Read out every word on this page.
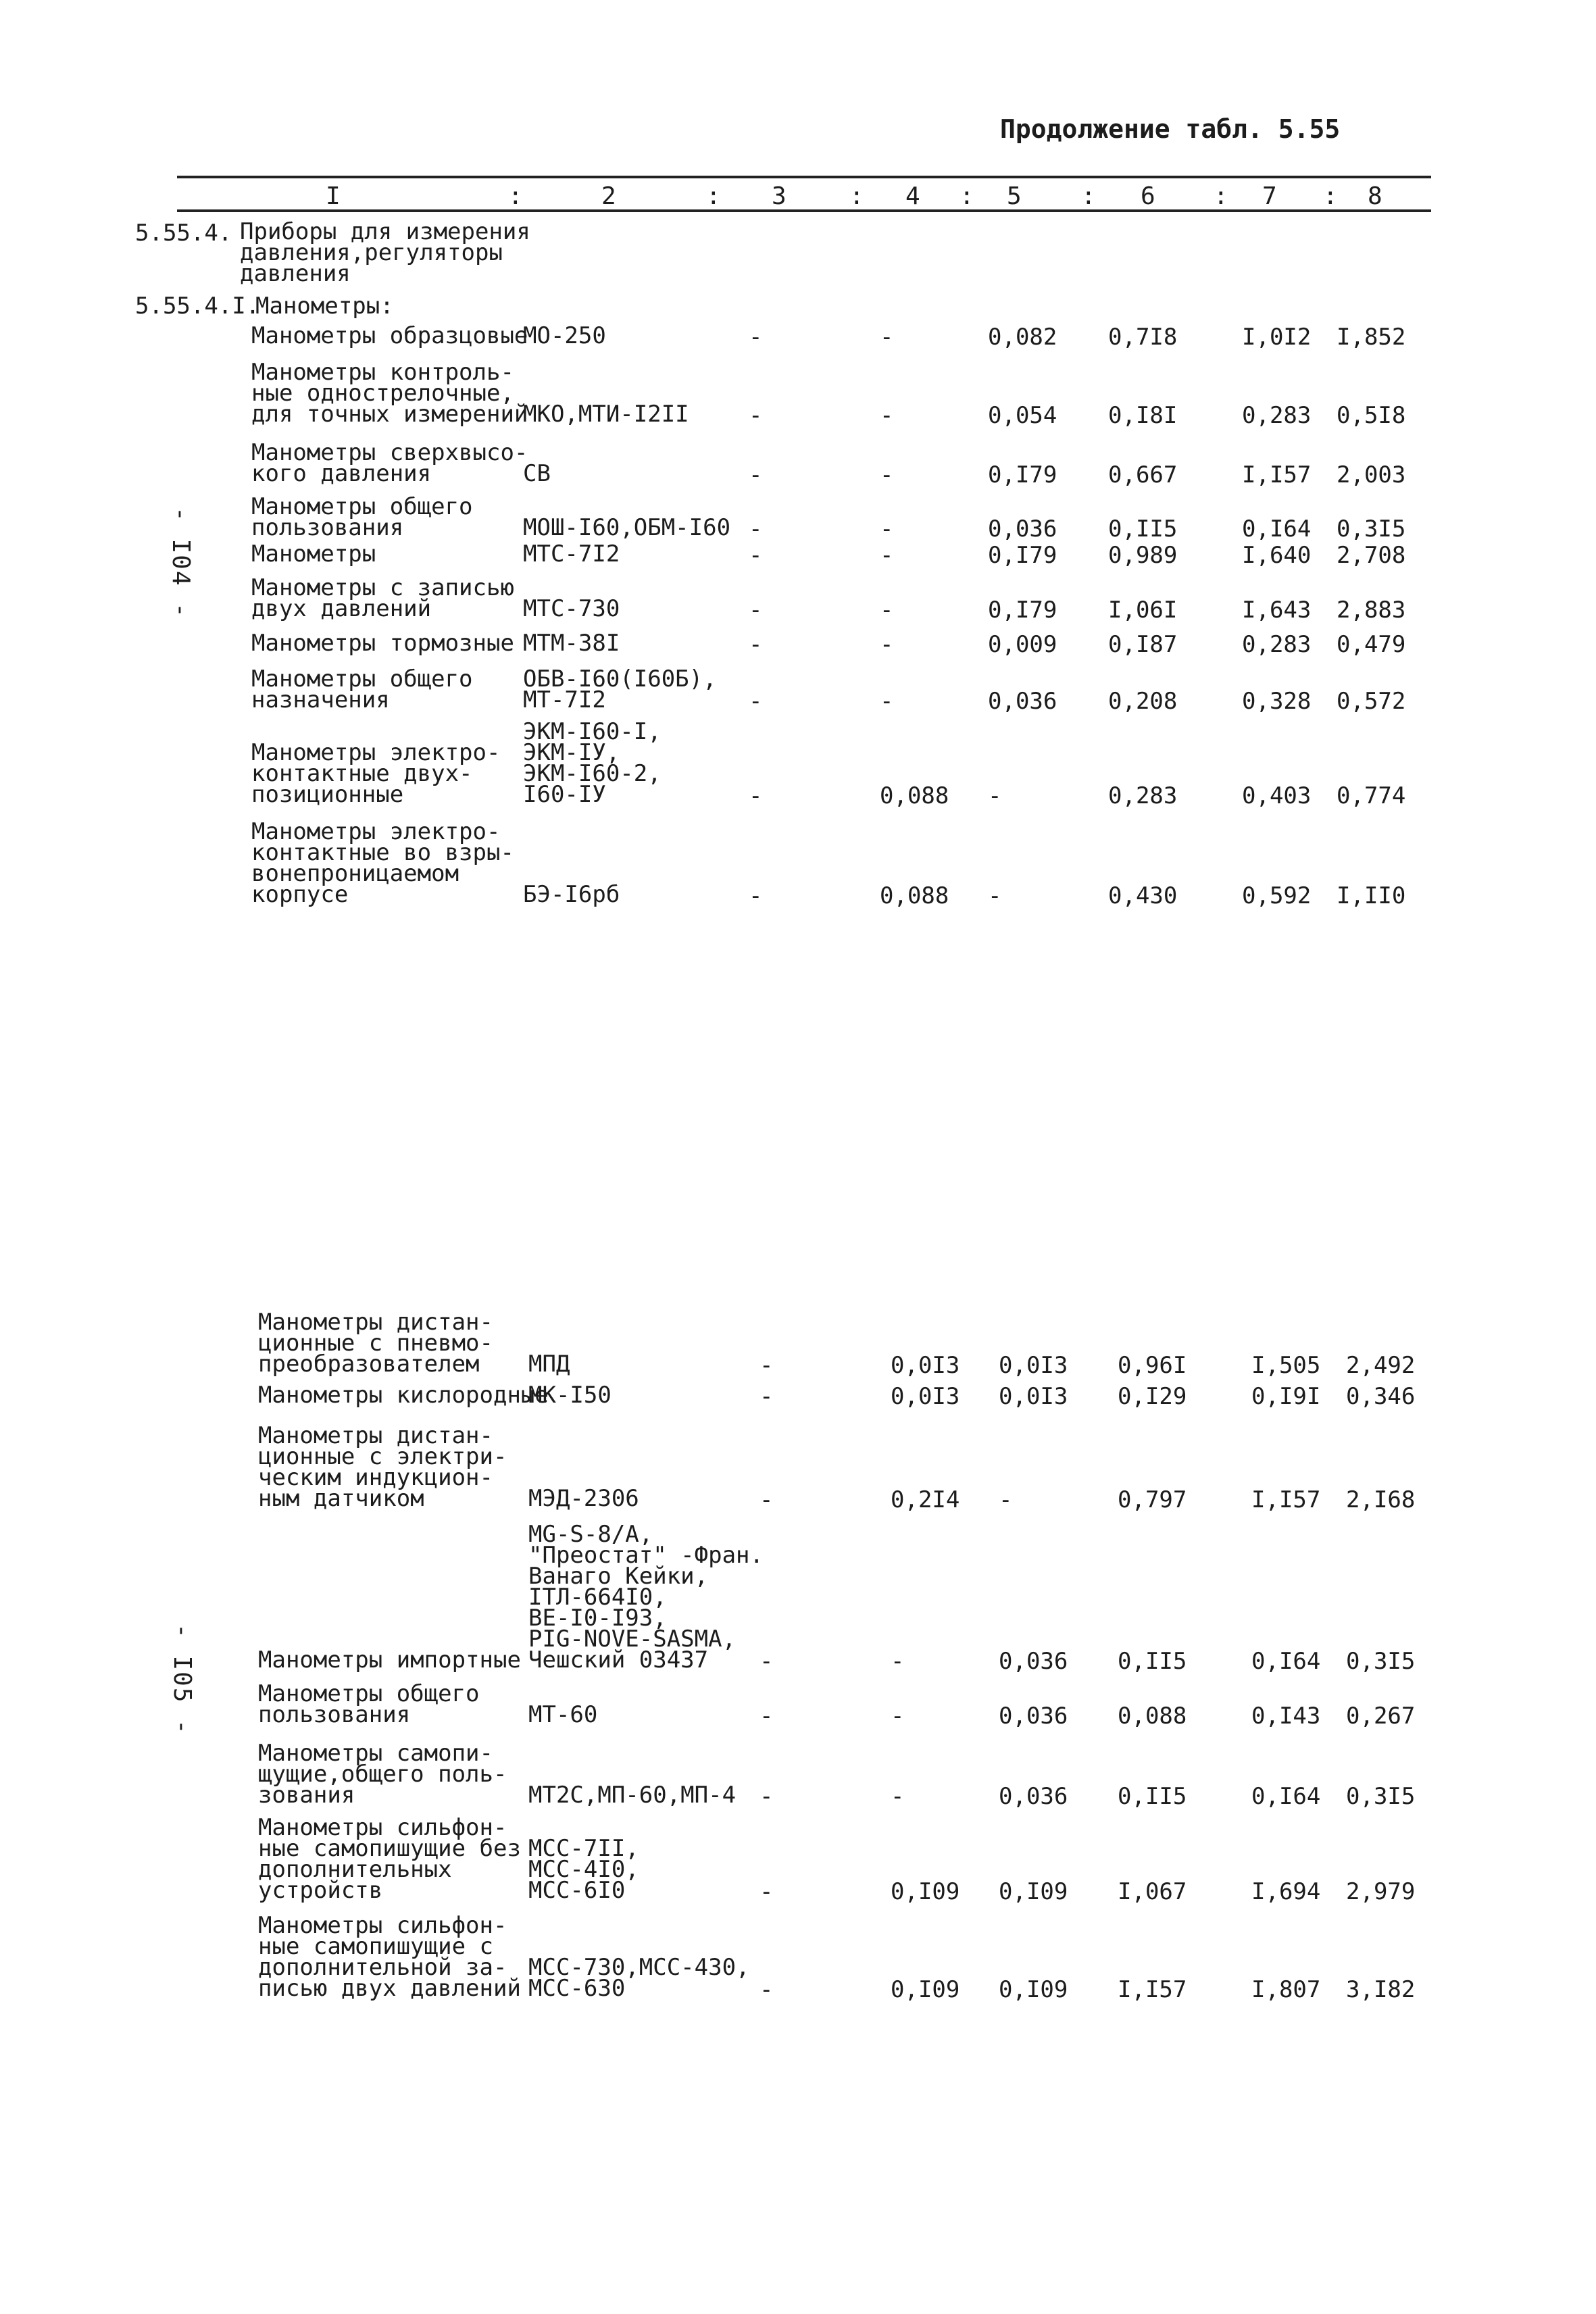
Продолжение табл. 5.55
I	2	3	4	5	6	7	8
:	:	:	:	:	:	:
5.55.4. Приборы для измерения
давления,регуляторы
давления
5.55.4.I.
Манометры:
Манометры образцовые
МО-250	-	-	0,082 0,7I8	I,0I2 I,852
Манометры контроль-
ные однострелочные,
для точных измерений
МКО,МТИ-I2II	-	-	0,054 0,I8I	0,283 0,5I8
Манометры сверхвысо-
кого давления	СВ	-	-	0,I79 0,667	I,I57 2,003
Манометры общего
пользования	МОШ-I60,ОБМ-I60 -	-	0,036 0,II5	0,I64 0,3I5
Манометры	МТС-7I2	-	-	0,I79 0,989	I,640 2,708
Манометры с записью
двух давлений	МТС-730	-	-	0,I79 I,06I	I,643 2,883
Манометры тормозные МТМ-38I	-	-	0,009 0,I87	0,283 0,479
Манометры общего
назначения
ОБВ-I60(I60Б),
МТ-7I2	-	-	0,036 0,208	0,328 0,572
Манометры электро-
контактные двух-
позиционные
ЭКМ-I60-I,
ЭКМ-IУ,
ЭКМ-I60-2,
I60-IУ	-	0,088 -	0,283	0,403 0,774
Манометры электро-
контактные во взры-
вонепроницаемом
корпусе	БЭ-I6рб	-	0,088 -	0,430	0,592 I,II0
Манометры дистан-
ционные с пневмо-
преобразователем	МПД	-	0,0I3 0,0I3 0,96I	I,505 2,492
Манометры кислородные
МК-I50	-	0,0I3 0,0I3 0,I29	0,I9I 0,346
Манометры дистан-
ционные с электри-
ческим индукцион-
ным датчиком	МЭД-2306	-	0,2I4 -	0,797	I,I57 2,I68
Манометры импортные
МG-S-8/А,
"Преостат" -Фран.
Ванаго Кейки,
ITЛ-664I0,
ВЕ-I0-I93,
PIG-NOVE-SASMA,
Чешский 03437	-	-	0,036 0,II5	0,I64 0,3I5
Манометры общего
пользования	МТ-60	-	-	0,036 0,088	0,I43 0,267
Манометры самопи-
щущие,общего поль-
зования	МТ2С,МП-60,МП-4 -	-	0,036 0,II5	0,I64 0,3I5
Манометры сильфон-
ные самопишущие без
дополнительных
устройств
МСС-7II,
МСС-4I0,
МСС-6I0	-	0,I09 0,I09 I,067	I,694 2,979
Манометры сильфон-
ные самопишущие с
дополнительной за-
писью двух давлений
МСС-730,МСС-430,
МСС-630	-	0,I09 0,I09 I,I57	I,807 3,I82
- I04 -
- I05 -
